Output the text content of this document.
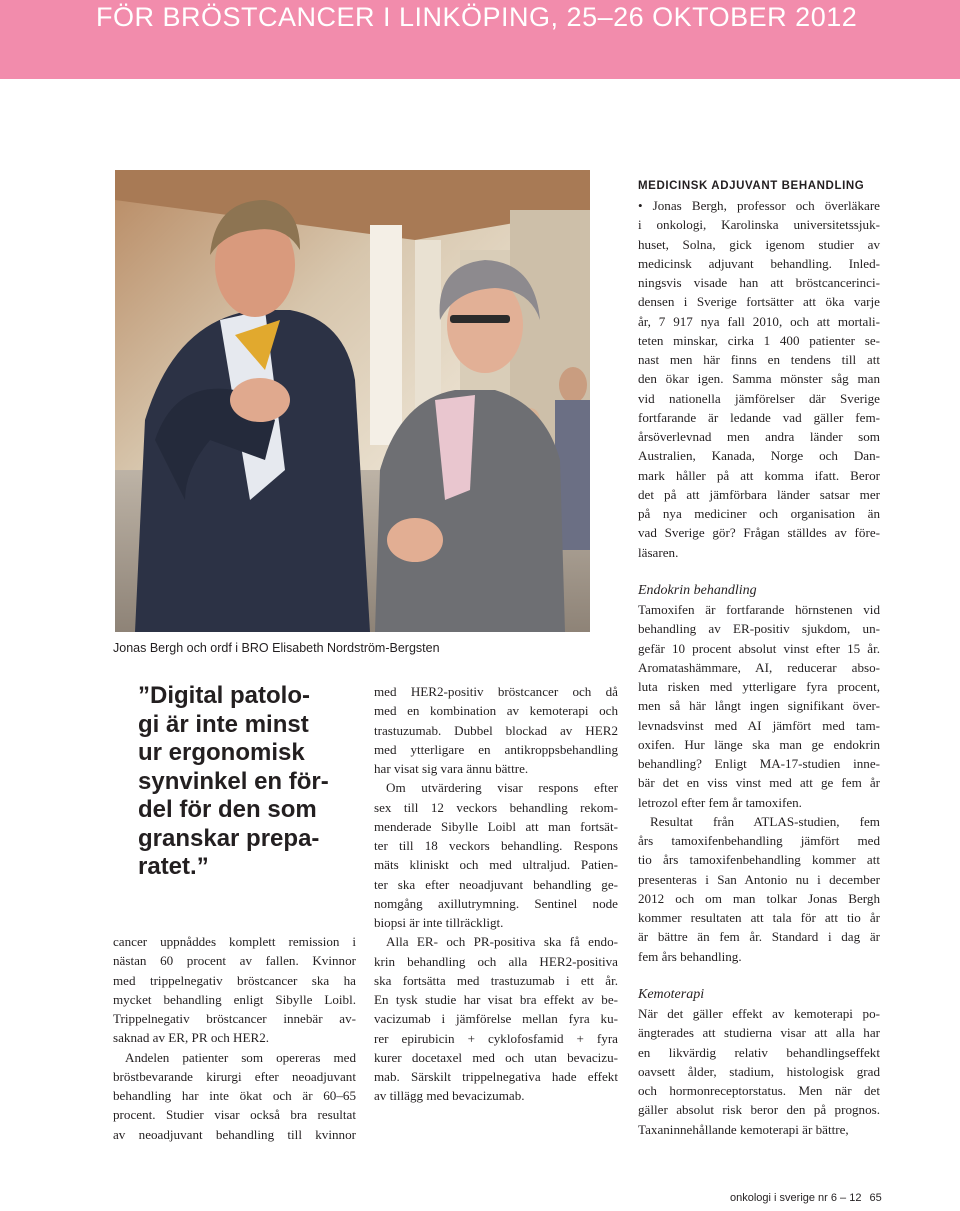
FÖR BRÖSTCANCER I LINKÖPING, 25–26 OKTOBER 2012
Jonas Bergh och ordf i BRO Elisabeth Nordström-Bergsten
”Digital patolo-
gi är inte minst
ur ergonomisk
synvinkel en för-
del för den som
granskar prepa-
ratet.”

cancer uppnåddes komplett remission i
nästan 60 procent av fallen. Kvinnor
med trippelnegativ bröstcancer ska ha
mycket behandling enligt Sibylle Loibl.
Trippelnegativ bröstcancer innebär av-
saknad av ER, PR och HER2.

Andelen patienter som opereras med

bröstbevarande kirurgi efter neoadjuvant
behandling har inte ökat och är 60–65
procent. Studier visar också bra resultat
av neoadjuvant behandling till kvinnor

med HER2-positiv bröstcancer och då
med en kombination av kemoterapi och
trastuzumab. Dubbel blockad av HER2
med ytterligare en antikroppsbehandling
har visat sig vara ännu bättre.

Om utvärdering visar respons efter

sex till 12 veckors behandling rekom-
menderade Sibylle Loibl att man fortsät-
ter till 18 veckors behandling. Respons
mäts kliniskt och med ultraljud. Patien-
ter ska efter neoadjuvant behandling ge-
nomgång axillutrymning. Sentinel node
biopsi är inte tillräckligt.

Alla ER- och PR-positiva ska få endo-

krin behandling och alla HER2-positiva
ska fortsätta med trastuzumab i ett år.
En tysk studie har visat bra effekt av be-
vacizumab i jämförelse mellan fyra ku-
rer epirubicin + cyklofosfamid + fyra
kurer docetaxel med och utan bevacizu-
mab. Särskilt trippelnegativa hade effekt
av tillägg med bevacizumab.

MEDICINSK ADJUVANT BEHANDLING

• Jonas Bergh, professor och överläkare
i onkologi, Karolinska universitetssjuk-
huset, Solna, gick igenom studier av
medicinsk adjuvant behandling. Inled-
ningsvis visade han att bröstcancerinci-
densen i Sverige fortsätter att öka varje
år, 7 917 nya fall 2010, och att mortali-
teten minskar, cirka 1 400 patienter se-
nast men här finns en tendens till att
den ökar igen. Samma mönster såg man
vid nationella jämförelser där Sverige
fortfarande är ledande vad gäller fem-
årsöverlevnad men andra länder som
Australien, Kanada, Norge och Dan-
mark håller på att komma ifatt. Beror
det på att jämförbara länder satsar mer
på nya mediciner och organisation än
vad Sverige gör? Frågan ställdes av före-
läsaren.

Endokrin behandling

Tamoxifen är fortfarande hörnstenen vid
behandling av ER-positiv sjukdom, un-
gefär 10 procent absolut vinst efter 15 år.
Aromatashämmare, AI, reducerar abso-
luta risken med ytterligare fyra procent,
men så här långt ingen signifikant över-
levnadsvinst med AI jämfört med tam-
oxifen. Hur länge ska man ge endokrin
behandling? Enligt MA-17-studien inne-
bär det en viss vinst med att ge fem år
letrozol efter fem år tamoxifen.

Resultat från ATLAS-studien, fem

års tamoxifenbehandling jämfört med
tio års tamoxifenbehandling kommer att
presenteras i San Antonio nu i december
2012 och om man tolkar Jonas Bergh
kommer resultaten att tala för att tio år
är bättre än fem år. Standard i dag är
fem års behandling.

Kemoterapi

När det gäller effekt av kemoterapi po-
ängterades att studierna visar att alla har
en likvärdig relativ behandlingseffekt
oavsett ålder, stadium, histologisk grad
och hormonreceptorstatus. Men när det
gäller absolut risk beror den på prognos.
Taxaninnehållande kemoterapi är bättre,

onkologi i sverige nr 6 – 12 65
